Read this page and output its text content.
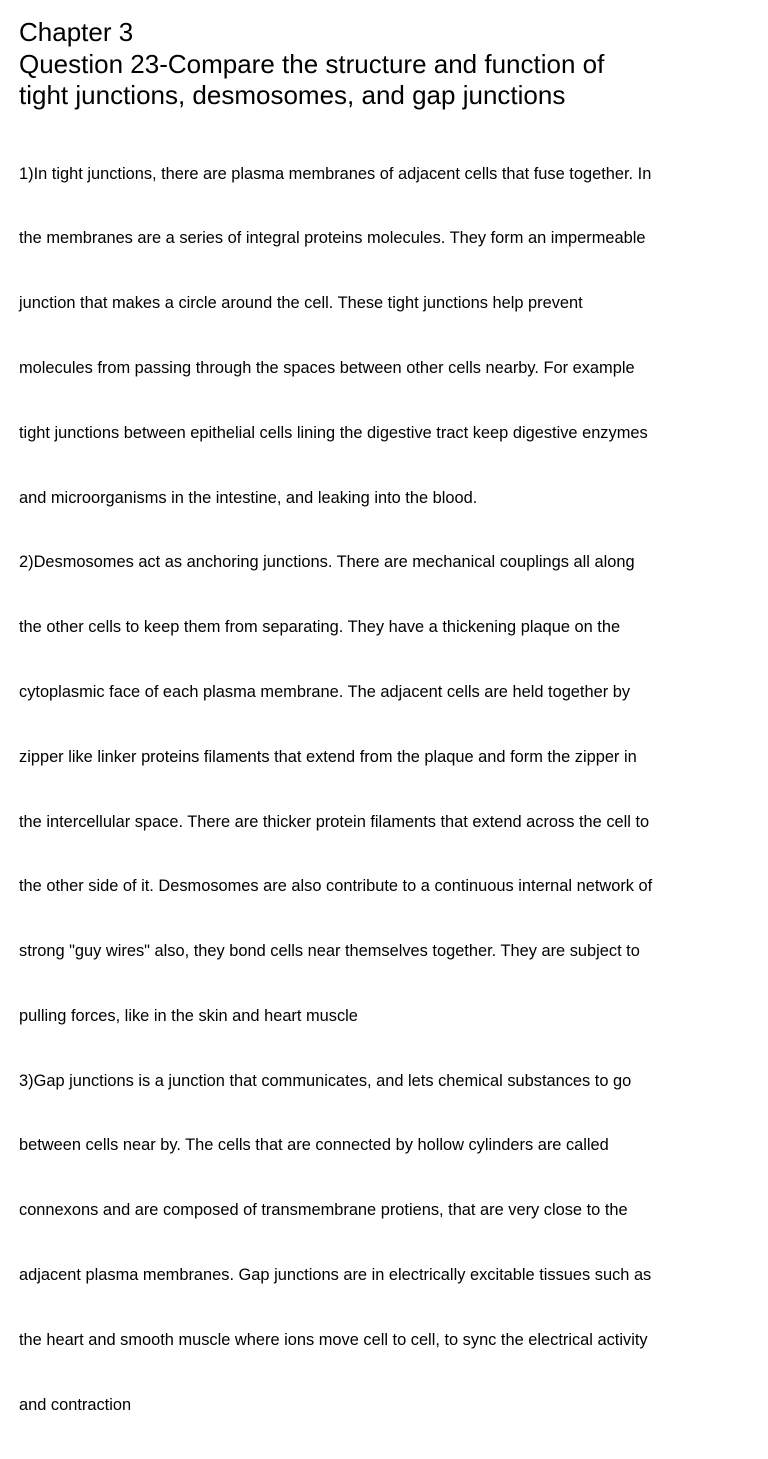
Chapter 3
Question 23-Compare the structure and function of
tight junctions, desmosomes, and gap junctions

1)In tight junctions, there are plasma membranes of adjacent cells that fuse together. In

the membranes are a series of integral proteins molecules. They form an impermeable

junction that makes a circle around the cell. These tight junctions help prevent

molecules from passing through the spaces between other cells nearby. For example

tight junctions between epithelial cells lining the digestive tract keep digestive enzymes

and microorganisms in the intestine, and leaking into the blood.

2)Desmosomes act as anchoring junctions. There are mechanical couplings all along

the other cells to keep them from separating. They have a thickening plaque on the

cytoplasmic face of each plasma membrane. The adjacent cells are held together by

zipper like linker proteins filaments that extend from the plaque and form the zipper in

the intercellular space. There are thicker protein filaments that extend across the cell to

the other side of it. Desmosomes are also contribute to a continuous internal network of

strong "guy wires" also, they bond cells near themselves together. They are subject to

pulling forces, like in the skin and heart muscle

3)Gap junctions is a junction that communicates, and lets chemical substances to go

between cells near by. The cells that are connected by hollow cylinders are called

connexons and are composed of transmembrane protiens, that are very close to the

adjacent plasma membranes. Gap junctions are in electrically excitable tissues such as

the heart and smooth muscle where ions move cell to cell, to sync the electrical activity

and contraction
